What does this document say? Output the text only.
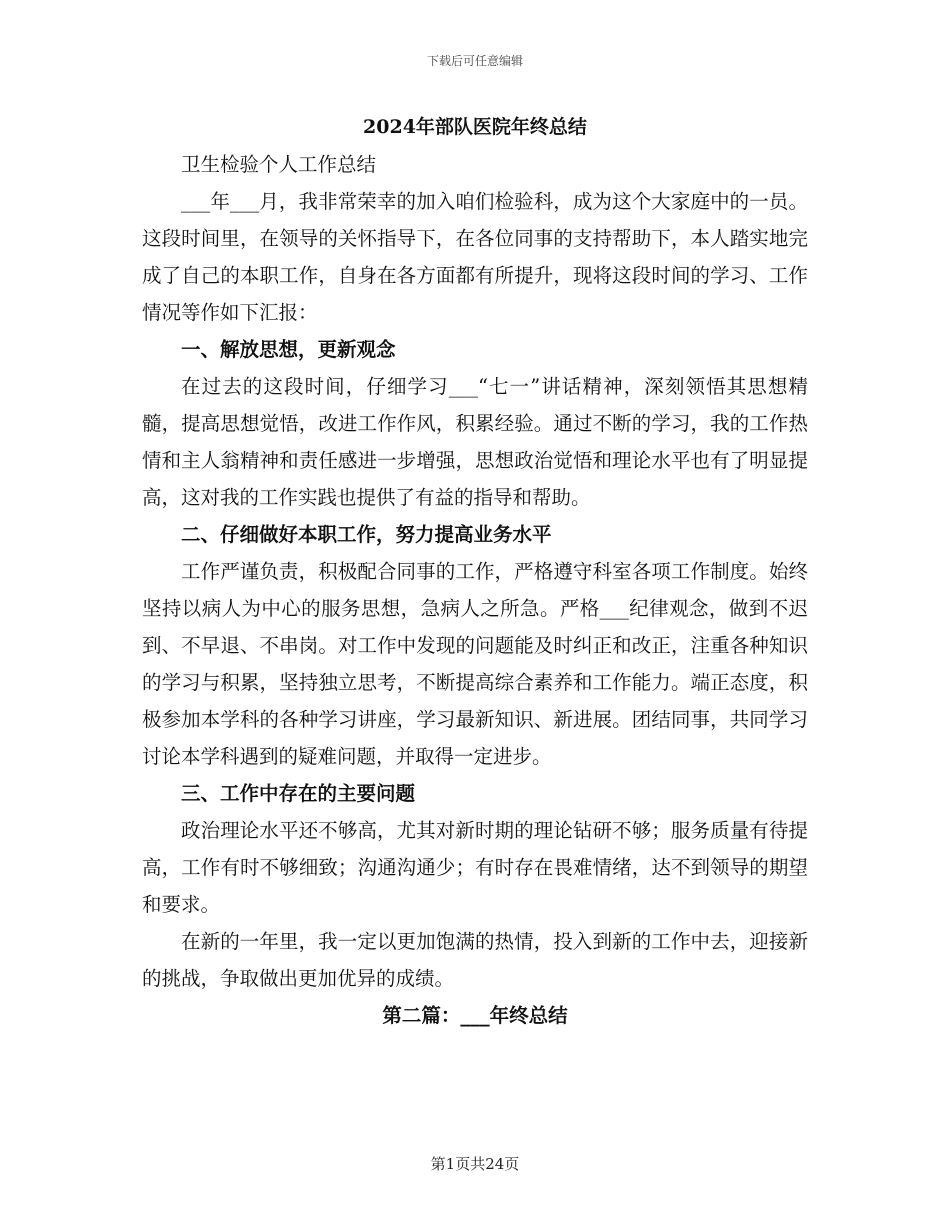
下载后可任意编辑
2024年部队医院年终总结

卫生检验个人工作总结

___年___月，我非常荣幸的加入咱们检验科，成为这个大家庭中的一员。这段时间里，在领导的关怀指导下，在各位同事的支持帮助下，本人踏实地完成了自己的本职工作，自身在各方面都有所提升，现将这段时间的学习、工作情况等作如下汇报：

一、解放思想，更新观念

在过去的这段时间，仔细学习___“七一”讲话精神，深刻领悟其思想精髓，提高思想觉悟，改进工作作风，积累经验。通过不断的学习，我的工作热情和主人翁精神和责任感进一步增强，思想政治觉悟和理论水平也有了明显提高，这对我的工作实践也提供了有益的指导和帮助。

二、仔细做好本职工作，努力提高业务水平

工作严谨负责，积极配合同事的工作，严格遵守科室各项工作制度。始终坚持以病人为中心的服务思想，急病人之所急。严格___纪律观念，做到不迟到、不早退、不串岗。对工作中发现的问题能及时纠正和改正，注重各种知识的学习与积累，坚持独立思考，不断提高综合素养和工作能力。端正态度，积极参加本学科的各种学习讲座，学习最新知识、新进展。团结同事，共同学习讨论本学科遇到的疑难问题，并取得一定进步。

三、工作中存在的主要问题

政治理论水平还不够高，尤其对新时期的理论钻研不够；服务质量有待提高，工作有时不够细致；沟通沟通少；有时存在畏难情绪，达不到领导的期望和要求。

在新的一年里，我一定以更加饱满的热情，投入到新的工作中去，迎接新的挑战，争取做出更加优异的成绩。

第二篇：___年终总结

第1页共24页
